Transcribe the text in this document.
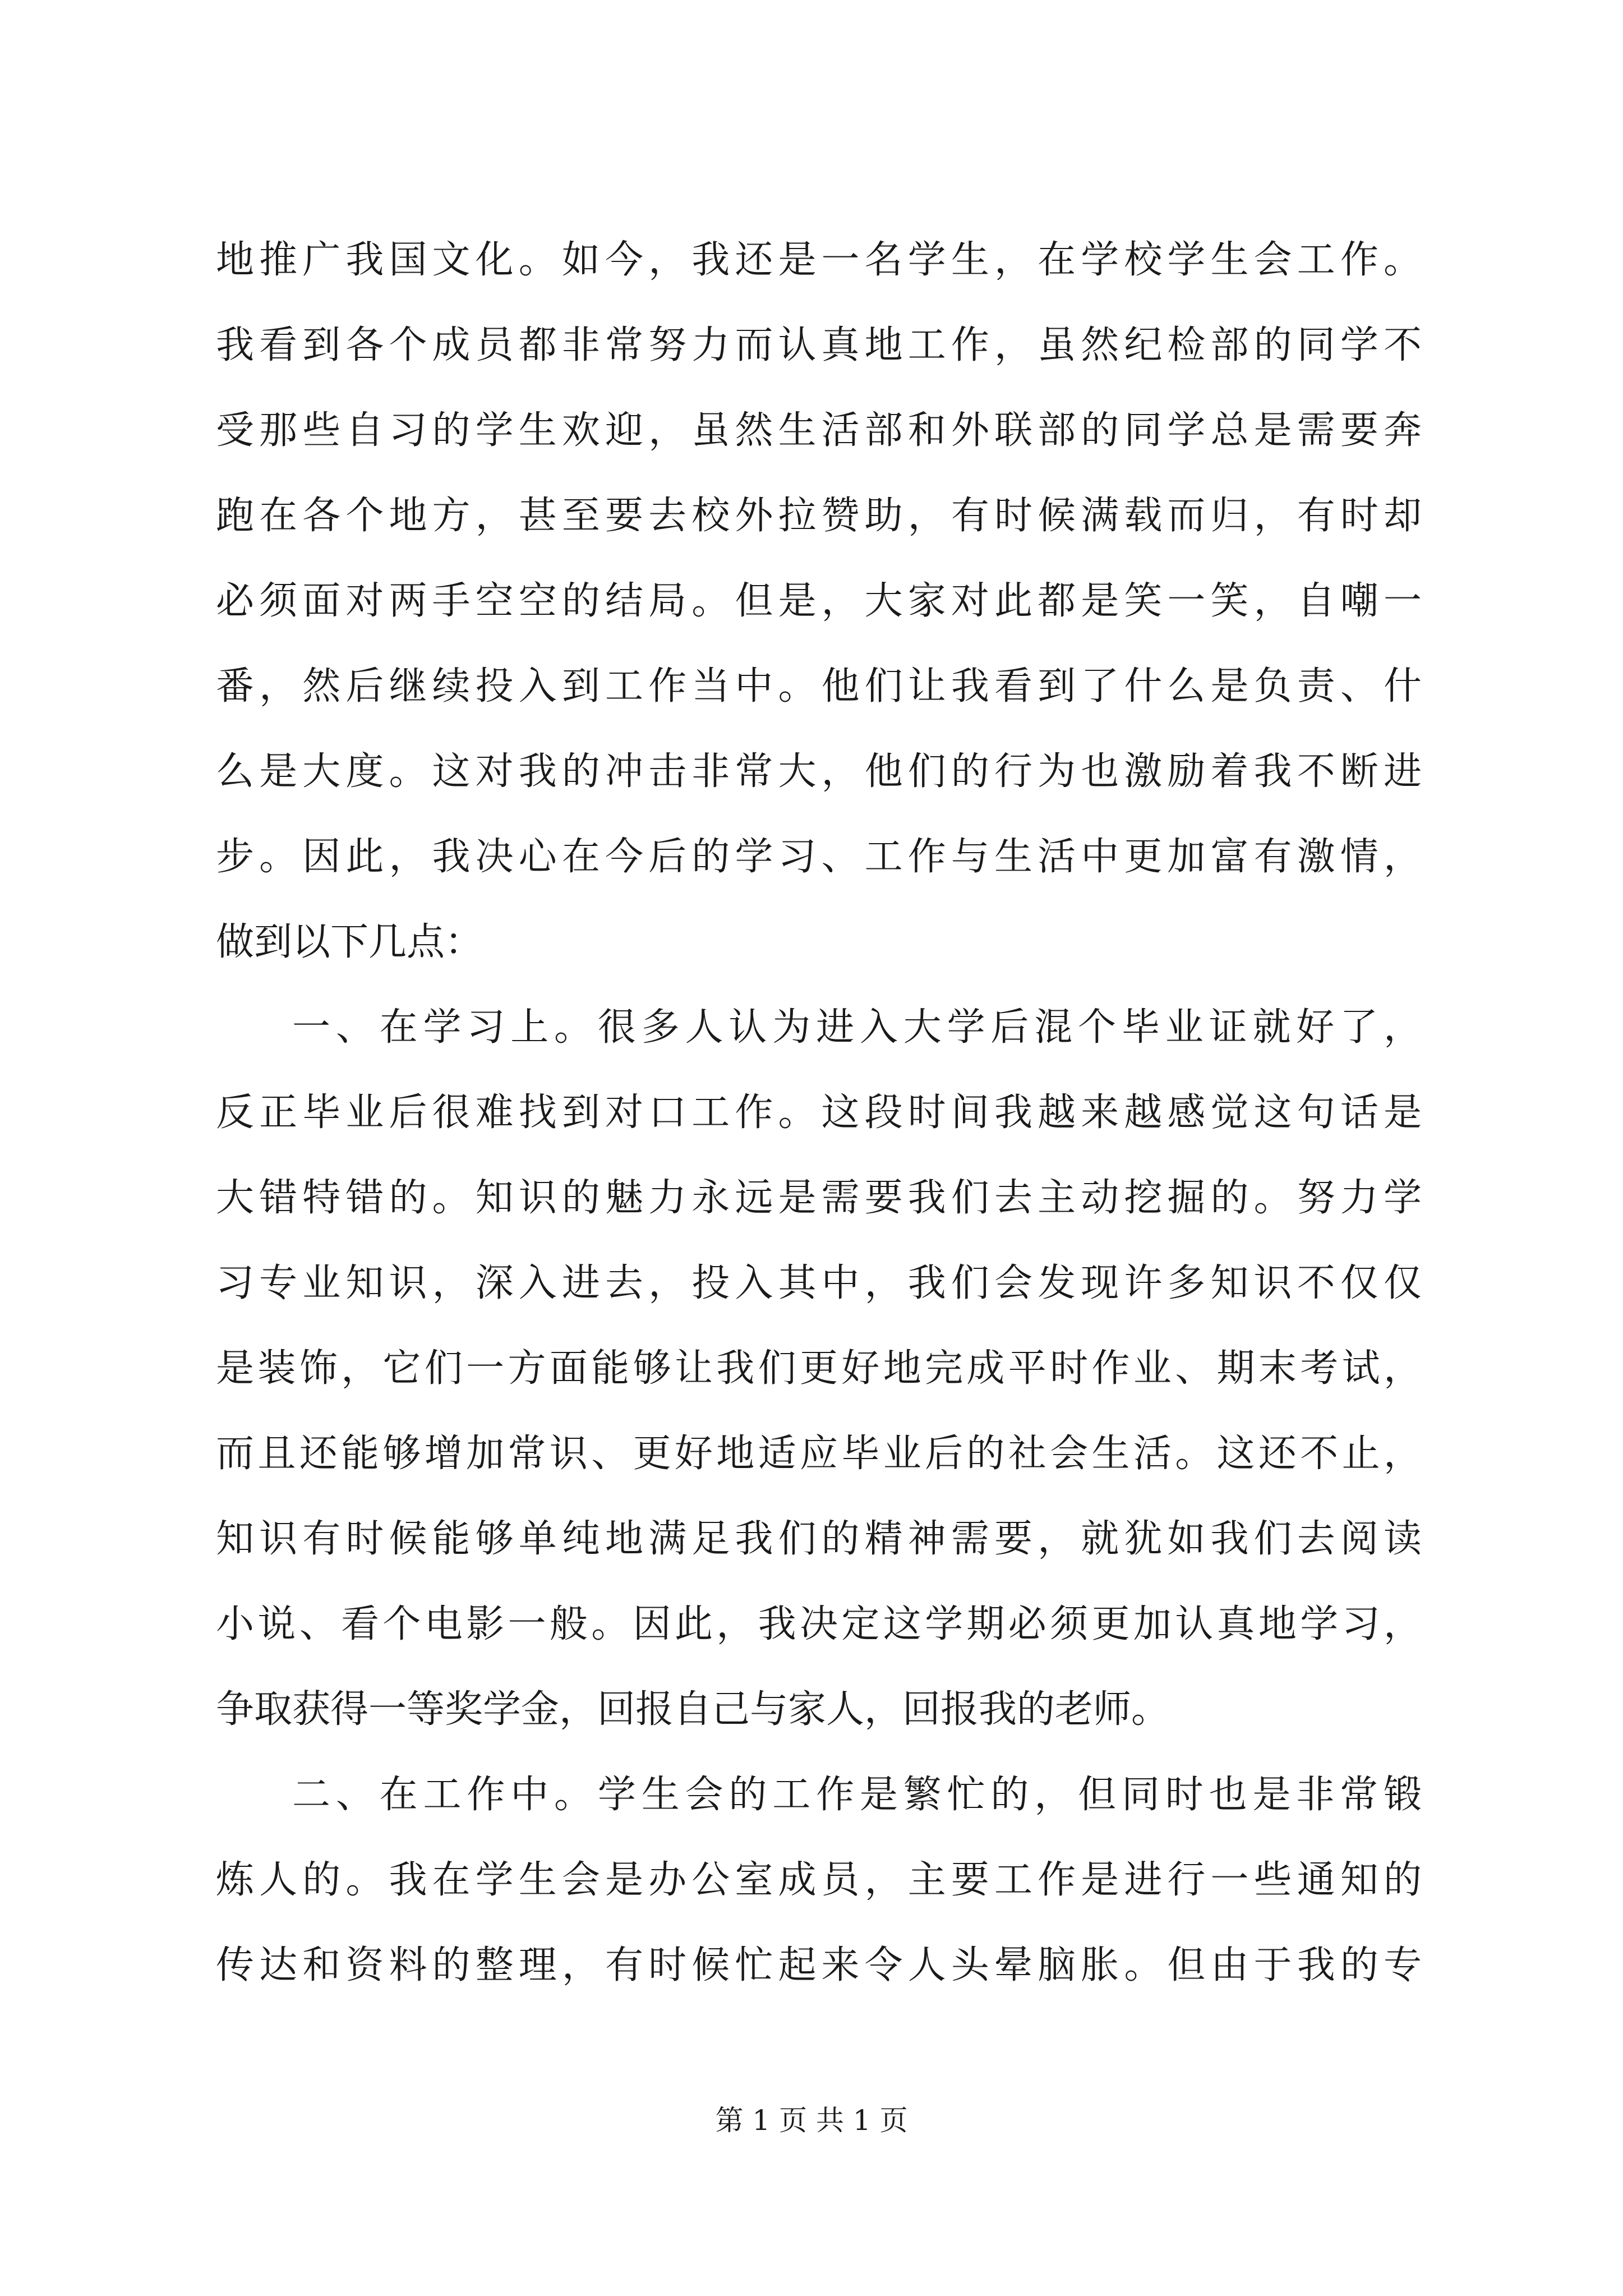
地推广我国文化。如今，我还是一名学生，在学校学生会工作。
我看到各个成员都非常努力而认真地工作，虽然纪检部的同学不
受那些自习的学生欢迎，虽然生活部和外联部的同学总是需要奔
跑在各个地方，甚至要去校外拉赞助，有时候满载而归，有时却
必须面对两手空空的结局。但是，大家对此都是笑一笑，自嘲一
番，然后继续投入到工作当中。他们让我看到了什么是负责、什
么是大度。这对我的冲击非常大，他们的行为也激励着我不断进
步。因此，我决心在今后的学习、工作与生活中更加富有激情，
做到以下几点：
一、在学习上。很多人认为进入大学后混个毕业证就好了，
反正毕业后很难找到对口工作。这段时间我越来越感觉这句话是
大错特错的。知识的魅力永远是需要我们去主动挖掘的。努力学
习专业知识，深入进去，投入其中，我们会发现许多知识不仅仅
是装饰，它们一方面能够让我们更好地完成平时作业、期末考试，
而且还能够增加常识、更好地适应毕业后的社会生活。这还不止，
知识有时候能够单纯地满足我们的精神需要，就犹如我们去阅读
小说、看个电影一般。因此，我决定这学期必须更加认真地学习，
争取获得一等奖学金，回报自己与家人，回报我的老师。
二、在工作中。学生会的工作是繁忙的，但同时也是非常锻
炼人的。我在学生会是办公室成员，主要工作是进行一些通知的
传达和资料的整理，有时候忙起来令人头晕脑胀。但由于我的专
第 1 页 共 1 页
